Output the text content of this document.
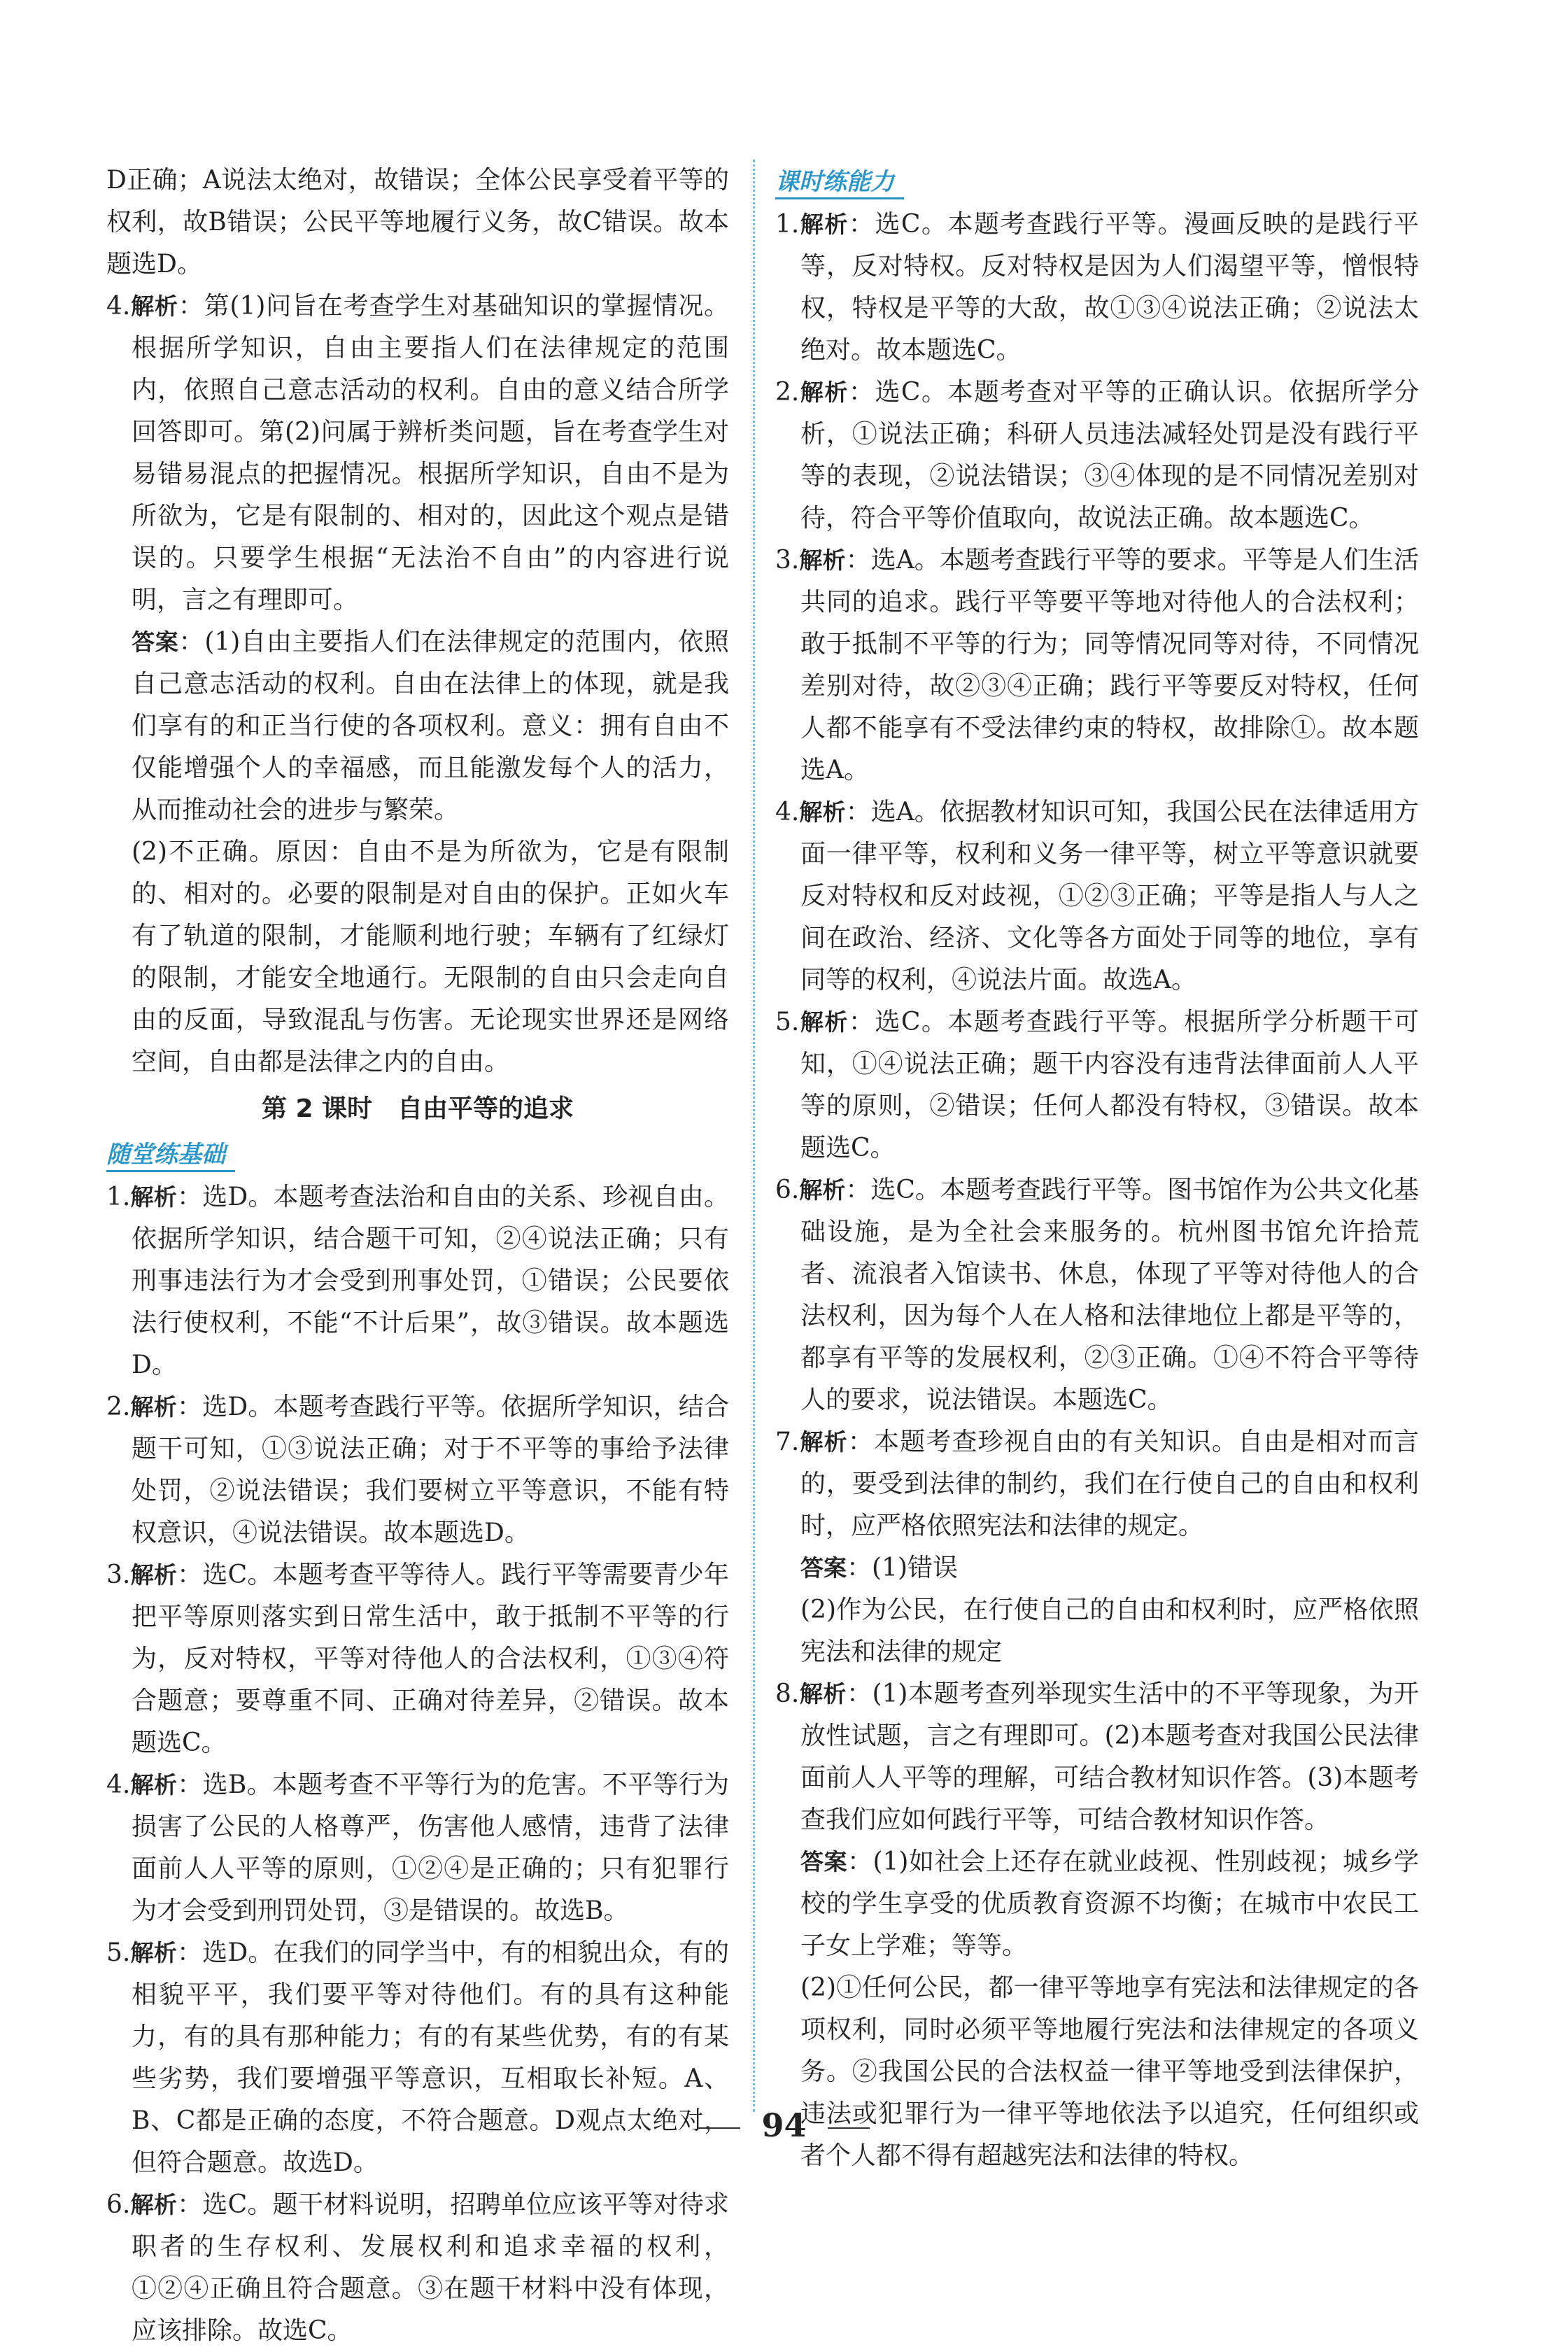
D正确；A说法太绝对，故错误；全体公民享受着平等的权利，故B错误；公民平等地履行义务，故C错误。故本题选D。

4.解析：第(1)问旨在考查学生对基础知识的掌握情况。根据所学知识，自由主要指人们在法律规定的范围内，依照自己意志活动的权利。自由的意义结合所学回答即可。第(2)问属于辨析类问题，旨在考查学生对易错易混点的把握情况。根据所学知识，自由不是为所欲为，它是有限制的、相对的，因此这个观点是错误的。只要学生根据“无法治不自由”的内容进行说明，言之有理即可。

答案：(1)自由主要指人们在法律规定的范围内，依照自己意志活动的权利。自由在法律上的体现，就是我们享有的和正当行使的各项权利。意义：拥有自由不仅能增强个人的幸福感，而且能激发每个人的活力，从而推动社会的进步与繁荣。

(2)不正确。原因：自由不是为所欲为，它是有限制的、相对的。必要的限制是对自由的保护。正如火车有了轨道的限制，才能顺利地行驶；车辆有了红绿灯的限制，才能安全地通行。无限制的自由只会走向自由的反面，导致混乱与伤害。无论现实世界还是网络空间，自由都是法律之内的自由。

第 2 课时　自由平等的追求

随堂练基础

1.解析：选D。本题考查法治和自由的关系、珍视自由。依据所学知识，结合题干可知，②④说法正确；只有刑事违法行为才会受到刑事处罚，①错误；公民要依法行使权利，不能“不计后果”，故③错误。故本题选D。

2.解析：选D。本题考查践行平等。依据所学知识，结合题干可知，①③说法正确；对于不平等的事给予法律处罚，②说法错误；我们要树立平等意识，不能有特权意识，④说法错误。故本题选D。

3.解析：选C。本题考查平等待人。践行平等需要青少年把平等原则落实到日常生活中，敢于抵制不平等的行为，反对特权，平等对待他人的合法权利，①③④符合题意；要尊重不同、正确对待差异，②错误。故本题选C。

4.解析：选B。本题考查不平等行为的危害。不平等行为损害了公民的人格尊严，伤害他人感情，违背了法律面前人人平等的原则，①②④是正确的；只有犯罪行为才会受到刑罚处罚，③是错误的。故选B。

5.解析：选D。在我们的同学当中，有的相貌出众，有的相貌平平，我们要平等对待他们。有的具有这种能力，有的具有那种能力；有的有某些优势，有的有某些劣势，我们要增强平等意识，互相取长补短。A、B、C都是正确的态度，不符合题意。D观点太绝对，但符合题意。故选D。

6.解析：选C。题干材料说明，招聘单位应该平等对待求职者的生存权利、发展权利和追求幸福的权利，①②④正确且符合题意。③在题干材料中没有体现，应该排除。故选C。

课时练能力

1.解析：选C。本题考查践行平等。漫画反映的是践行平等，反对特权。反对特权是因为人们渴望平等，憎恨特权，特权是平等的大敌，故①③④说法正确；②说法太绝对。故本题选C。

2.解析：选C。本题考查对平等的正确认识。依据所学分析，①说法正确；科研人员违法减轻处罚是没有践行平等的表现，②说法错误；③④体现的是不同情况差别对待，符合平等价值取向，故说法正确。故本题选C。

3.解析：选A。本题考查践行平等的要求。平等是人们生活共同的追求。践行平等要平等地对待他人的合法权利；敢于抵制不平等的行为；同等情况同等对待，不同情况差别对待，故②③④正确；践行平等要反对特权，任何人都不能享有不受法律约束的特权，故排除①。故本题选A。

4.解析：选A。依据教材知识可知，我国公民在法律适用方面一律平等，权利和义务一律平等，树立平等意识就要反对特权和反对歧视，①②③正确；平等是指人与人之间在政治、经济、文化等各方面处于同等的地位，享有同等的权利，④说法片面。故选A。

5.解析：选C。本题考查践行平等。根据所学分析题干可知，①④说法正确；题干内容没有违背法律面前人人平等的原则，②错误；任何人都没有特权，③错误。故本题选C。

6.解析：选C。本题考查践行平等。图书馆作为公共文化基础设施，是为全社会来服务的。杭州图书馆允许拾荒者、流浪者入馆读书、休息，体现了平等对待他人的合法权利，因为每个人在人格和法律地位上都是平等的，都享有平等的发展权利，②③正确。①④不符合平等待人的要求，说法错误。本题选C。

7.解析：本题考查珍视自由的有关知识。自由是相对而言的，要受到法律的制约，我们在行使自己的自由和权利时，应严格依照宪法和法律的规定。

答案：(1)错误

(2)作为公民，在行使自己的自由和权利时，应严格依照宪法和法律的规定

8.解析：(1)本题考查列举现实生活中的不平等现象，为开放性试题，言之有理即可。(2)本题考查对我国公民法律面前人人平等的理解，可结合教材知识作答。(3)本题考查我们应如何践行平等，可结合教材知识作答。

答案：(1)如社会上还存在就业歧视、性别歧视；城乡学校的学生享受的优质教育资源不均衡；在城市中农民工子女上学难；等等。

(2)①任何公民，都一律平等地享有宪法和法律规定的各项权利，同时必须平等地履行宪法和法律规定的各项义务。②我国公民的合法权益一律平等地受到法律保护，违法或犯罪行为一律平等地依法予以追究，任何组织或者个人都不得有超越宪法和法律的特权。

94
